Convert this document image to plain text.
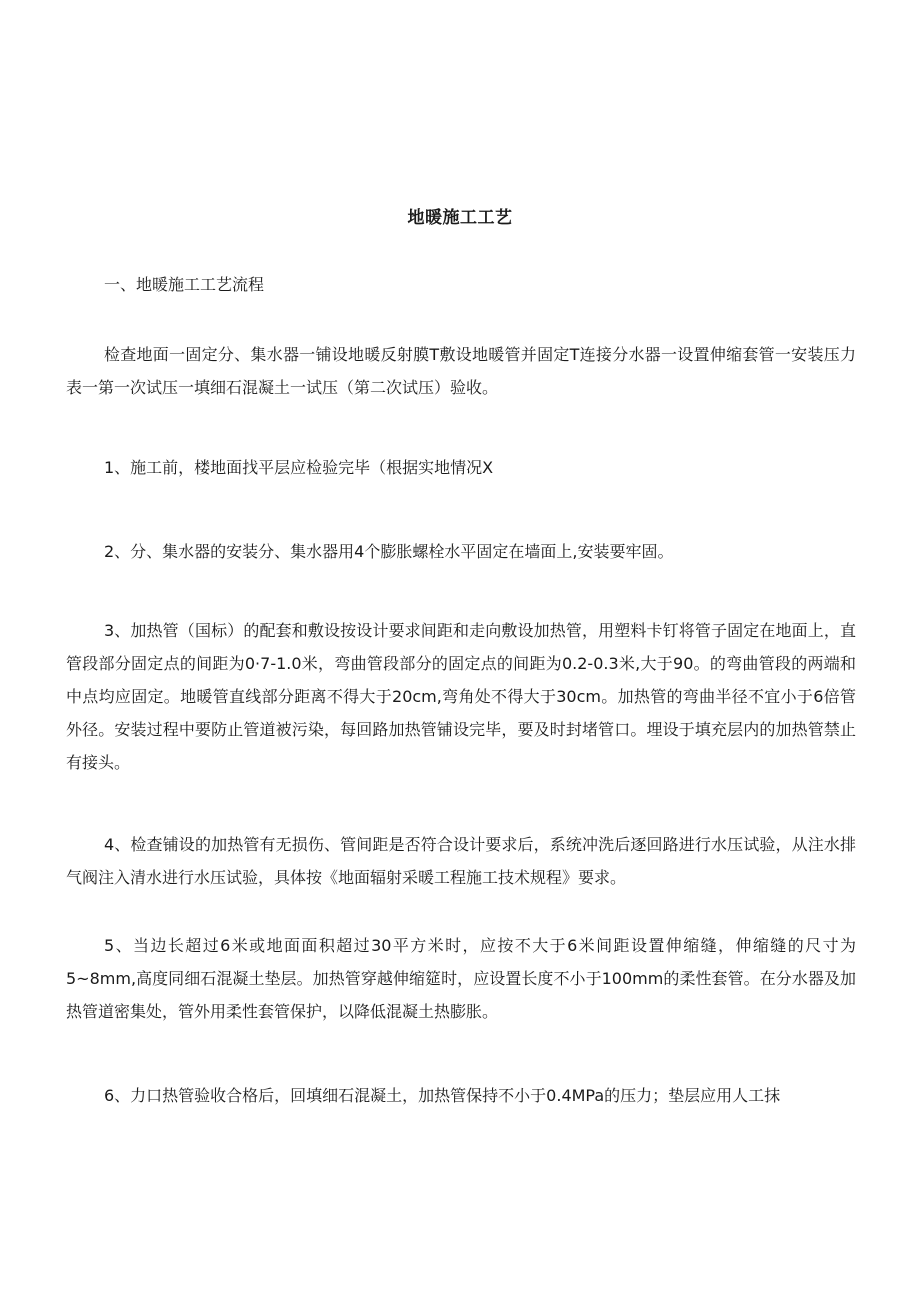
地暖施工工艺
一、地暖施工工艺流程

检查地面一固定分、集水器一铺设地暖反射膜T敷设地暖管并固定T连接分水器一设置伸缩套管一安装压力表一第一次试压一填细石混凝土一试压（第二次试压）验收。

1、施工前，楼地面找平层应检验完毕（根据实地情况X

2、分、集水器的安装分、集水器用4个膨胀螺栓水平固定在墙面上,安装要牢固。

3、加热管（国标）的配套和敷设按设计要求间距和走向敷设加热管，用塑料卡钉将管子固定在地面上，直管段部分固定点的间距为0·7-1.0米，弯曲管段部分的固定点的间距为0.2-0.3米,大于90。的弯曲管段的两端和中点均应固定。地暖管直线部分距离不得大于20cm,弯角处不得大于30cm。加热管的弯曲半径不宜小于6倍管外径。安装过程中要防止管道被污染，每回路加热管铺设完毕，要及时封堵管口。埋设于填充层内的加热管禁止有接头。

4、检查铺设的加热管有无损伤、管间距是否符合设计要求后，系统冲洗后逐回路进行水压试验，从注水排气阀注入清水进行水压试验，具体按《地面辐射采暖工程施工技术规程》要求。

5、当边长超过6米或地面面积超过30平方米时，应按不大于6米间距设置伸缩缝，伸缩缝的尺寸为5~8mm,高度同细石混凝土垫层。加热管穿越伸缩筵时，应设置长度不小于100mm的柔性套管。在分水器及加热管道密集处，管外用柔性套管保护，以降低混凝土热膨胀。

6、力口热管验收合格后，回填细石混凝土，加热管保持不小于0.4MPa的压力；垫层应用人工抹
